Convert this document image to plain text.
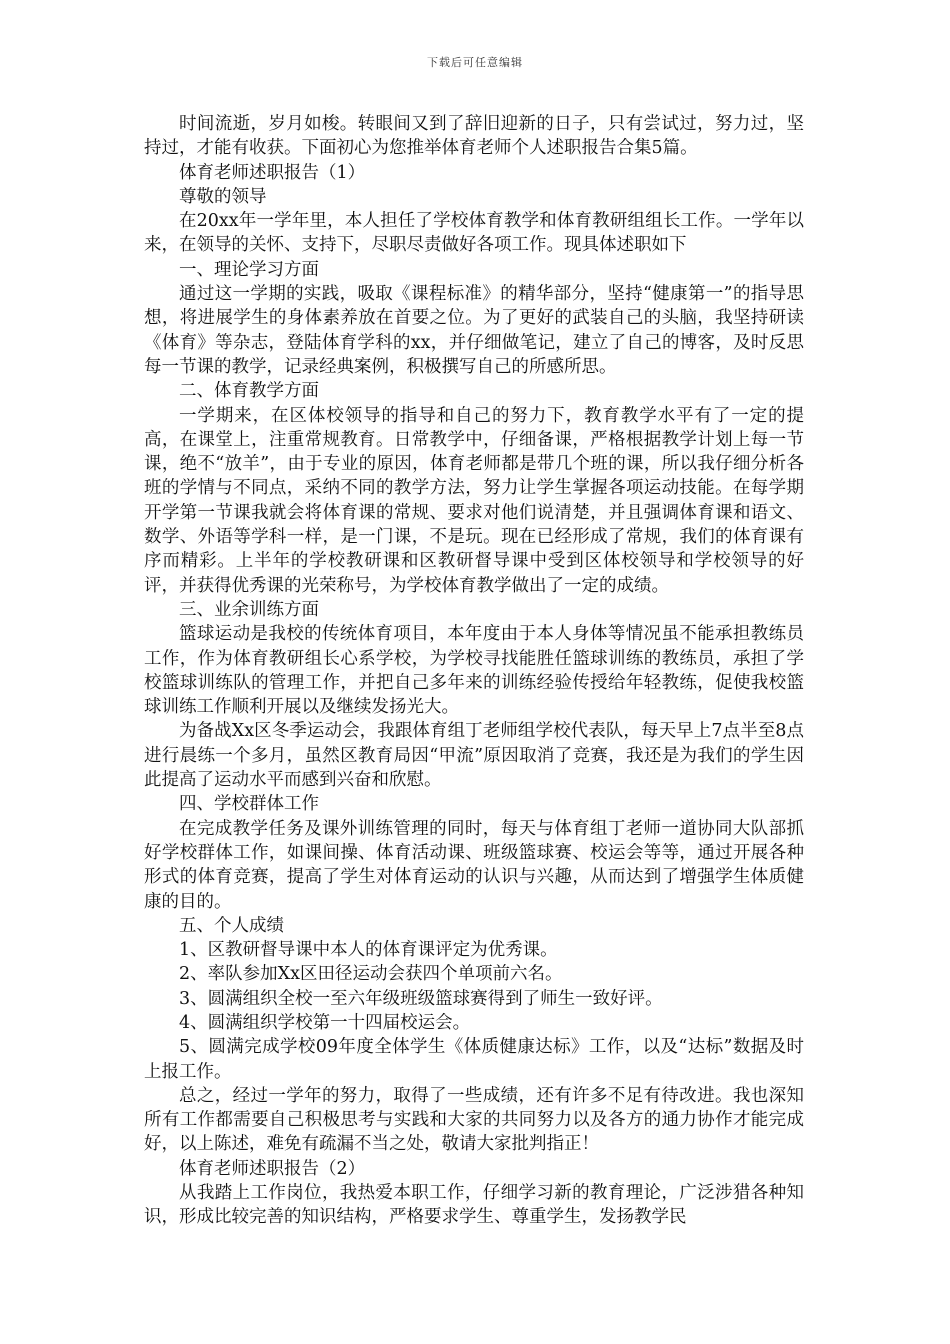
下载后可任意编辑

时间流逝，岁月如梭。转眼间又到了辞旧迎新的日子，只有尝试过，努力过，坚持过，才能有收获。下面初心为您推举体育老师个人述职报告合集5篇。

体育老师述职报告（1）

尊敬的领导

在20xx年一学年里，本人担任了学校体育教学和体育教研组组长工作。一学年以来，在领导的关怀、支持下，尽职尽责做好各项工作。现具体述职如下

一、理论学习方面

通过这一学期的实践，吸取《课程标准》的精华部分，坚持“健康第一”的指导思想，将进展学生的身体素养放在首要之位。为了更好的武装自己的头脑，我坚持研读《体育》等杂志，登陆体育学科的xx，并仔细做笔记，建立了自己的博客，及时反思每一节课的教学，记录经典案例，积极撰写自己的所感所思。

二、体育教学方面

一学期来，在区体校领导的指导和自己的努力下，教育教学水平有了一定的提高，在课堂上，注重常规教育。日常教学中，仔细备课，严格根据教学计划上每一节课，绝不“放羊”，由于专业的原因，体育老师都是带几个班的课，所以我仔细分析各班的学情与不同点，采纳不同的教学方法，努力让学生掌握各项运动技能。在每学期开学第一节课我就会将体育课的常规、要求对他们说清楚，并且强调体育课和语文、数学、外语等学科一样，是一门课，不是玩。现在已经形成了常规，我们的体育课有序而精彩。上半年的学校教研课和区教研督导课中受到区体校领导和学校领导的好评，并获得优秀课的光荣称号，为学校体育教学做出了一定的成绩。

三、业余训练方面

篮球运动是我校的传统体育项目，本年度由于本人身体等情况虽不能承担教练员工作，作为体育教研组长心系学校，为学校寻找能胜任篮球训练的教练员，承担了学校篮球训练队的管理工作，并把自己多年来的训练经验传授给年轻教练，促使我校篮球训练工作顺利开展以及继续发扬光大。

为备战Xx区冬季运动会，我跟体育组丁老师组学校代表队，每天早上7点半至8点进行晨练一个多月，虽然区教育局因“甲流”原因取消了竞赛，我还是为我们的学生因此提高了运动水平而感到兴奋和欣慰。

四、学校群体工作

在完成教学任务及课外训练管理的同时，每天与体育组丁老师一道协同大队部抓好学校群体工作，如课间操、体育活动课、班级篮球赛、校运会等等，通过开展各种形式的体育竞赛，提高了学生对体育运动的认识与兴趣，从而达到了增强学生体质健康的目的。

五、个人成绩

1、区教研督导课中本人的体育课评定为优秀课。

2、率队参加Xx区田径运动会获四个单项前六名。

3、圆满组织全校一至六年级班级篮球赛得到了师生一致好评。

4、圆满组织学校第一十四届校运会。

5、圆满完成学校09年度全体学生《体质健康达标》工作，以及“达标”数据及时上报工作。

总之，经过一学年的努力，取得了一些成绩，还有许多不足有待改进。我也深知所有工作都需要自己积极思考与实践和大家的共同努力以及各方的通力协作才能完成好，以上陈述，难免有疏漏不当之处，敬请大家批判指正！

体育老师述职报告（2）

从我踏上工作岗位，我热爱本职工作，仔细学习新的教育理论，广泛涉猎各种知识，形成比较完善的知识结构，严格要求学生、尊重学生，发扬教学民
